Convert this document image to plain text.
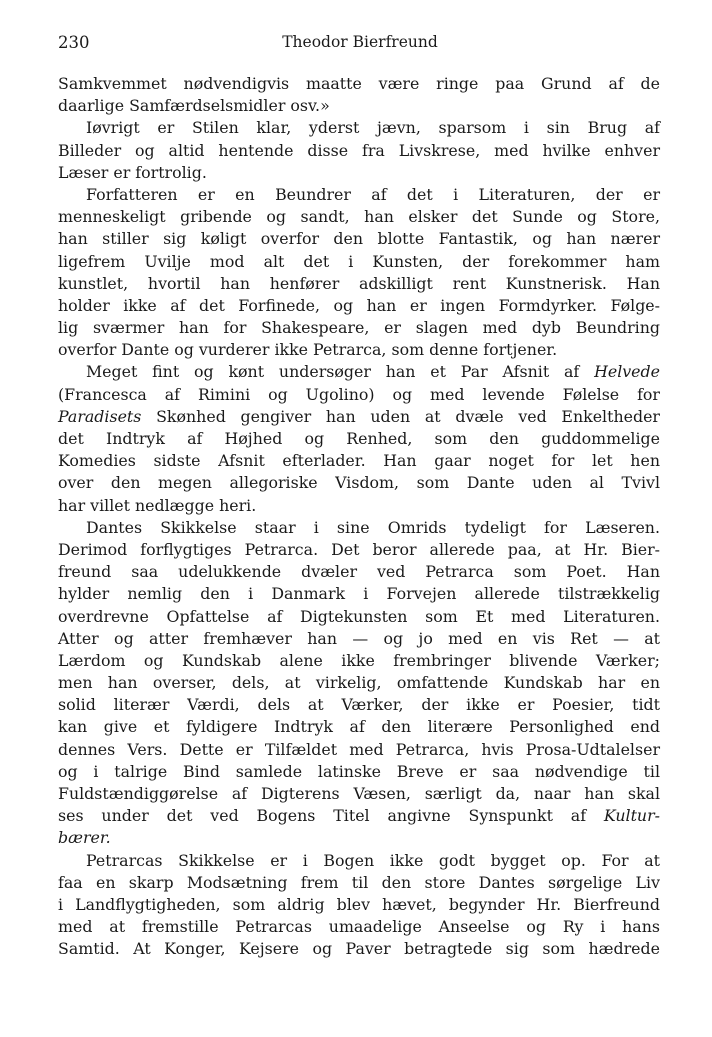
230	Theodor Bierfreund
Samkvemmet nødvendigvis maatte være ringe paa Grund af de
daarlige Samfærdselsmidler osv.»
Iøvrigt er Stilen klar, yderst jævn, sparsom i sin Brug af
Billeder og altid hentende disse fra Livskrese, med hvilke enhver
Læser er fortrolig.
Forfatteren er en Beundrer af det i Literaturen, der er
menneskeligt gribende og sandt, han elsker det Sunde og Store,
han stiller sig køligt overfor den blotte Fantastik, og han nærer
ligefrem Uvilje mod alt det i Kunsten, der forekommer ham
kunstlet, hvortil han henfører adskilligt rent Kunstnerisk. Han
holder ikke af det Forfinede, og han er ingen Formdyrker. Følge-
lig sværmer han for Shakespeare, er slagen med dyb Beundring
overfor Dante og vurderer ikke Petrarca, som denne fortjener.
Meget fint og kønt undersøger han et Par Afsnit af Helvede
(Francesca af Rimini og Ugolino) og med levende Følelse for
Paradisets Skønhed gengiver han uden at dvæle ved Enkeltheder
det Indtryk af Højhed og Renhed, som den guddommelige
Komedies sidste Afsnit efterlader. Han gaar noget for let hen
over den megen allegoriske Visdom, som Dante uden al Tvivl
har villet nedlægge heri.
Dantes Skikkelse staar i sine Omrids tydeligt for Læseren.
Derimod forflygtiges Petrarca. Det beror allerede paa, at Hr. Bier-
freund saa udelukkende dvæler ved Petrarca som Poet. Han
hylder nemlig den i Danmark i Forvejen allerede tilstrækkelig
overdrevne Opfattelse af Digtekunsten som Et med Literaturen.
Atter og atter fremhæver han — og jo med en vis Ret — at
Lærdom og Kundskab alene ikke frembringer blivende Værker;
men han overser, dels, at virkelig, omfattende Kundskab har en
solid literær Værdi, dels at Værker, der ikke er Poesier, tidt
kan give et fyldigere Indtryk af den literære Personlighed end
dennes Vers. Dette er Tilfældet med Petrarca, hvis Prosa-Udtalelser
og i talrige Bind samlede latinske Breve er saa nødvendige til
Fuldstændiggørelse af Digterens Væsen, særligt da, naar han skal
ses under det ved Bogens Titel angivne Synspunkt af Kultur-
bærer.
Petrarcas Skikkelse er i Bogen ikke godt bygget op. For at
faa en skarp Modsætning frem til den store Dantes sørgelige Liv
i Landflygtigheden, som aldrig blev hævet, begynder Hr. Bierfreund
med at fremstille Petrarcas umaadelige Anseelse og Ry i hans
Samtid. At Konger, Kejsere og Paver betragtede sig som hædrede
